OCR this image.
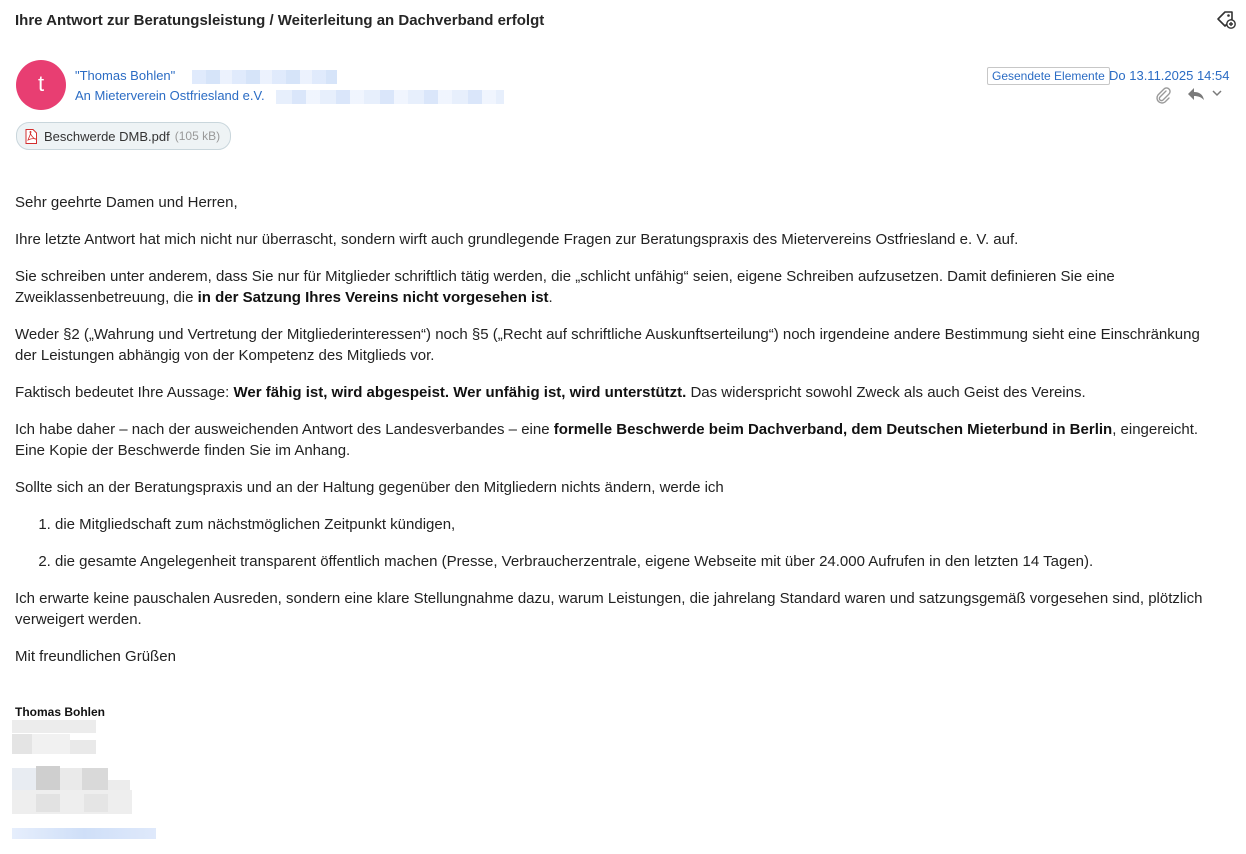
Ihre Antwort zur Beratungsleistung / Weiterleitung an Dachverband erfolgt
t	"Thomas Bohlen"
An Mieterverein Ostfriesland e.V.
Gesendete Elemente Do 13.11.2025 14:54
Beschwerde DMB.pdf (105 kB)

Sehr geehrte Damen und Herren,

Ihre letzte Antwort hat mich nicht nur überrascht, sondern wirft auch grundlegende Fragen zur Beratungspraxis des Mietervereins Ostfriesland e. V. auf.

Sie schreiben unter anderem, dass Sie nur für Mitglieder schriftlich tätig werden, die „schlicht unfähig“ seien, eigene Schreiben aufzusetzen. Damit definieren Sie eine Zweiklassenbetreuung, die in der Satzung Ihres Vereins nicht vorgesehen ist.

Weder §2 („Wahrung und Vertretung der Mitgliederinteressen“) noch §5 („Recht auf schriftliche Auskunftserteilung“) noch irgendeine andere Bestimmung sieht eine Einschränkung der Leistungen abhängig von der Kompetenz des Mitglieds vor.

Faktisch bedeutet Ihre Aussage: Wer fähig ist, wird abgespeist. Wer unfähig ist, wird unterstützt. Das widerspricht sowohl Zweck als auch Geist des Vereins.

Ich habe daher – nach der ausweichenden Antwort des Landesverbandes – eine formelle Beschwerde beim Dachverband, dem Deutschen Mieterbund in Berlin, eingereicht.
Eine Kopie der Beschwerde finden Sie im Anhang.

Sollte sich an der Beratungspraxis und an der Haltung gegenüber den Mitgliedern nichts ändern, werde ich

1. die Mitgliedschaft zum nächstmöglichen Zeitpunkt kündigen,
2. die gesamte Angelegenheit transparent öffentlich machen (Presse, Verbraucherzentrale, eigene Webseite mit über 24.000 Aufrufen in den letzten 14 Tagen).

Ich erwarte keine pauschalen Ausreden, sondern eine klare Stellungnahme dazu, warum Leistungen, die jahrelang Standard waren und satzungsgemäß vorgesehen sind, plötzlich verweigert werden.

Mit freundlichen Grüßen

Thomas Bohlen
